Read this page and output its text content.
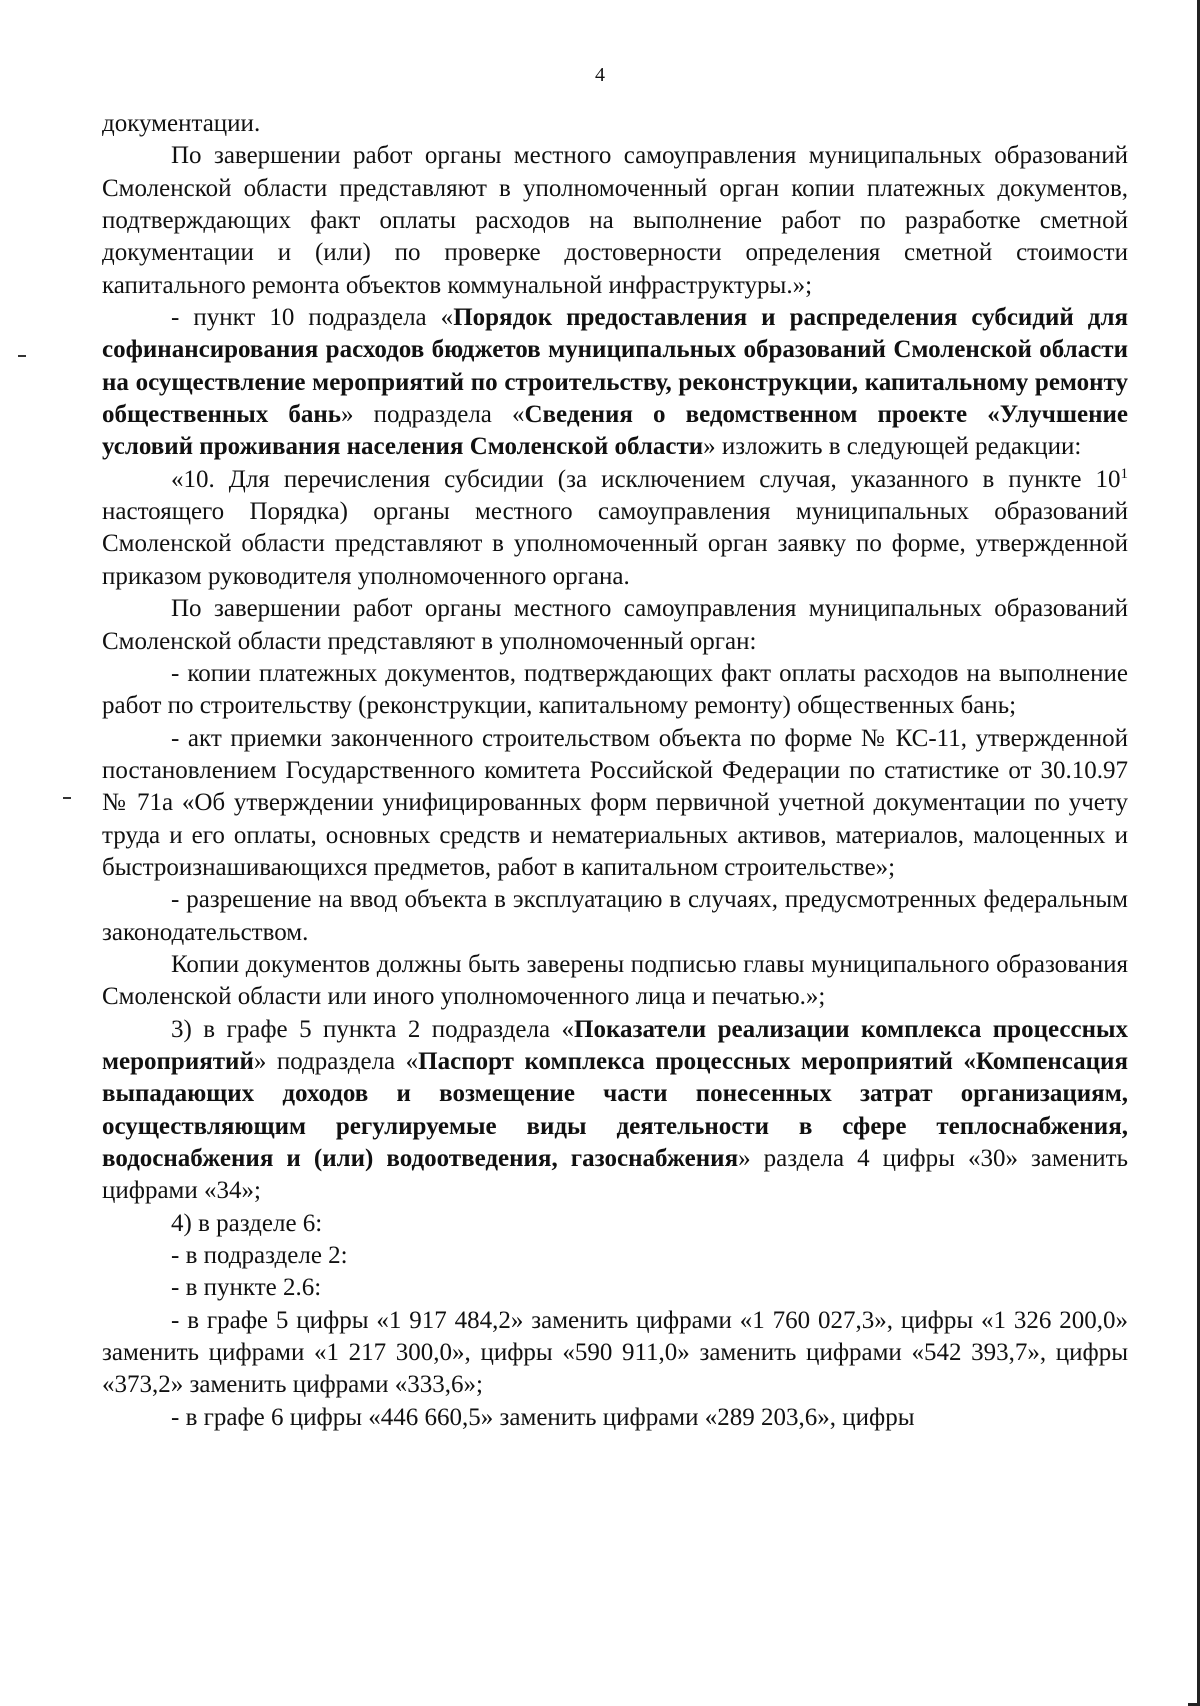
4

документации.

По завершении работ органы местного самоуправления муниципальных образований Смоленской области представляют в уполномоченный орган копии платежных документов, подтверждающих факт оплаты расходов на выполнение работ по разработке сметной документации и (или) по проверке достоверности определения сметной стоимости капитального ремонта объектов коммунальной инфраструктуры.»;

- пункт 10 подраздела «Порядок предоставления и распределения субсидий для софинансирования расходов бюджетов муниципальных образований Смоленской области на осуществление мероприятий по строительству, реконструкции, капитальному ремонту общественных бань» подраздела «Сведения о ведомственном проекте «Улучшение условий проживания населения Смоленской области» изложить в следующей редакции:

«10. Для перечисления субсидии (за исключением случая, указанного в пункте $10^1$ настоящего Порядка) органы местного самоуправления муниципальных образований Смоленской области представляют в уполномоченный орган заявку по форме, утвержденной приказом руководителя уполномоченного органа.

По завершении работ органы местного самоуправления муниципальных образований Смоленской области представляют в уполномоченный орган:

- копии платежных документов, подтверждающих факт оплаты расходов на выполнение работ по строительству (реконструкции, капитальному ремонту) общественных бань;

- акт приемки законченного строительством объекта по форме № КС-11, утвержденной постановлением Государственного комитета Российской Федерации по статистике от 30.10.97 № 71а «Об утверждении унифицированных форм первичной учетной документации по учету труда и его оплаты, основных средств и нематериальных активов, материалов, малоценных и быстроизнашивающихся предметов, работ в капитальном строительстве»;

- разрешение на ввод объекта в эксплуатацию в случаях, предусмотренных федеральным законодательством.

Копии документов должны быть заверены подписью главы муниципального образования Смоленской области или иного уполномоченного лица и печатью.»;

3) в графе 5 пункта 2 подраздела «Показатели реализации комплекса процессных мероприятий» подраздела «Паспорт комплекса процессных мероприятий «Компенсация выпадающих доходов и возмещение части понесенных затрат организациям, осуществляющим регулируемые виды деятельности в сфере теплоснабжения, водоснабжения и (или) водоотведения, газоснабжения» раздела 4 цифры «30» заменить цифрами «34»;

4) в разделе 6:

- в подразделе 2:

- в пункте 2.6:

- в графе 5 цифры «1 917 484,2» заменить цифрами «1 760 027,3», цифры «1 326 200,0» заменить цифрами «1 217 300,0», цифры «590 911,0» заменить цифрами «542 393,7», цифры «373,2» заменить цифрами «333,6»;

- в графе 6 цифры «446 660,5» заменить цифрами «289 203,6», цифры
